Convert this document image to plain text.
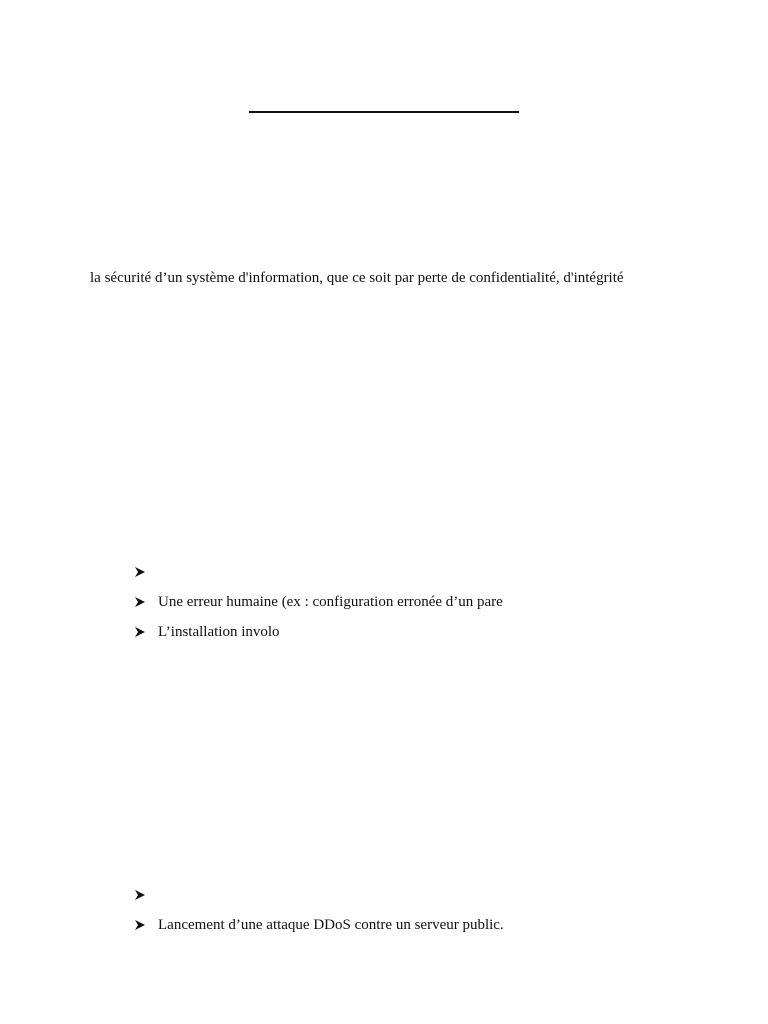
la sécurité d’un système d'information, que ce soit par perte de confidentialité, d'intégrité
Une erreur humaine (ex : configuration erronée d’un pare
L’installation involo
Lancement d’une attaque DDoS contre un serveur public.
